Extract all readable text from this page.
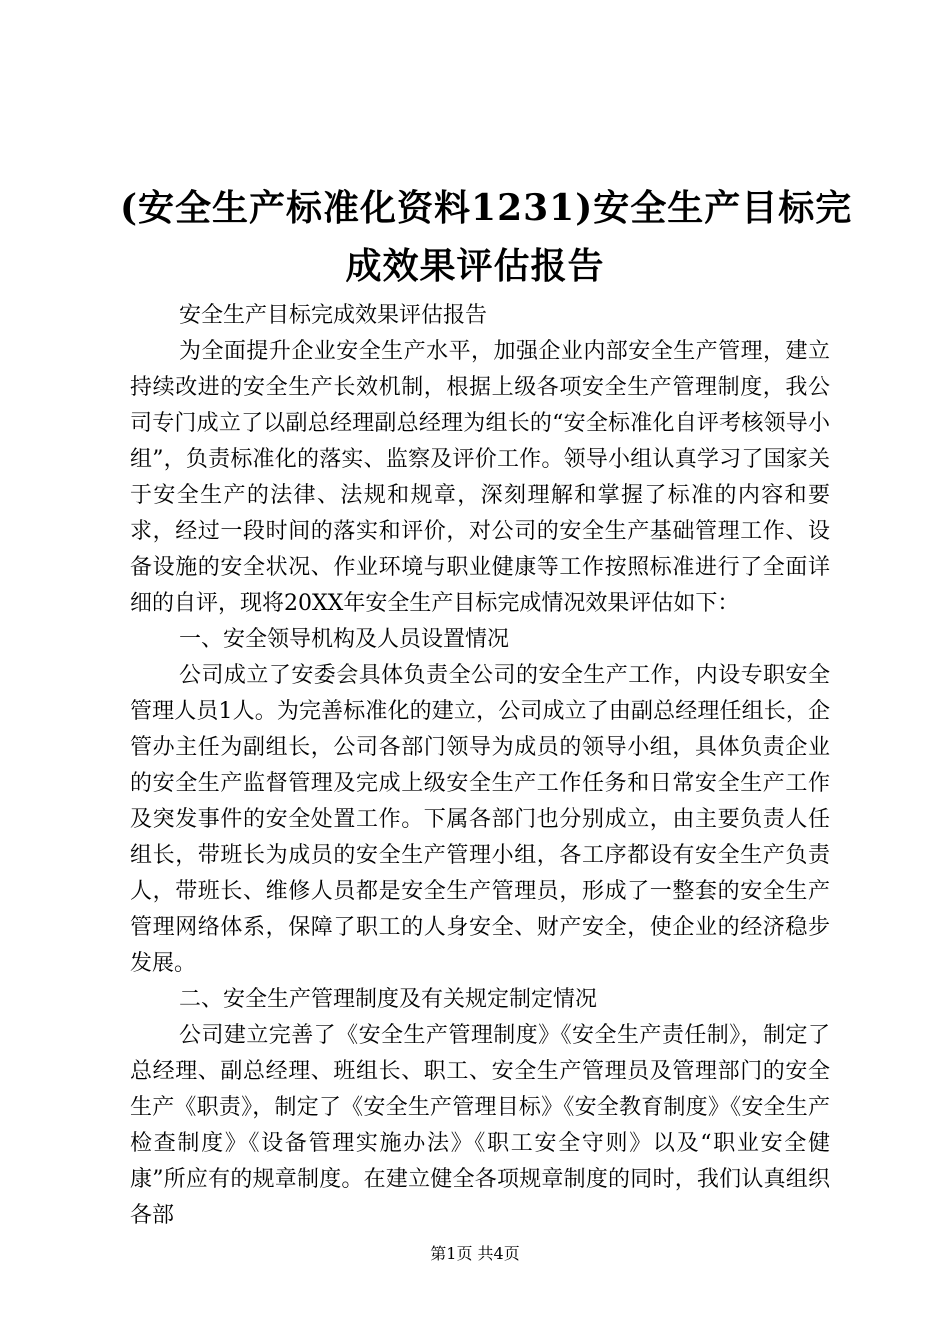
(安全生产标准化资料1231)安全生产目标完
成效果评估报告

安全生产目标完成效果评估报告

为全面提升企业安全生产水平，加强企业内部安全生产管理，建立持续改进的安全生产长效机制，根据上级各项安全生产管理制度，我公司专门成立了以副总经理副总经理为组长的“安全标准化自评考核领导小组”，负责标准化的落实、监察及评价工作。领导小组认真学习了国家关于安全生产的法律、法规和规章，深刻理解和掌握了标准的内容和要求，经过一段时间的落实和评价，对公司的安全生产基础管理工作、设备设施的安全状况、作业环境与职业健康等工作按照标准进行了全面详细的自评，现将20XX年安全生产目标完成情况效果评估如下：

一、安全领导机构及人员设置情况

公司成立了安委会具体负责全公司的安全生产工作，内设专职安全管理人员1人。为完善标准化的建立，公司成立了由副总经理任组长，企管办主任为副组长，公司各部门领导为成员的领导小组，具体负责企业的安全生产监督管理及完成上级安全生产工作任务和日常安全生产工作及突发事件的安全处置工作。下属各部门也分别成立，由主要负责人任组长，带班长为成员的安全生产管理小组，各工序都设有安全生产负责人，带班长、维修人员都是安全生产管理员，形成了一整套的安全生产管理网络体系，保障了职工的人身安全、财产安全，使企业的经济稳步发展。

二、安全生产管理制度及有关规定制定情况

公司建立完善了《安全生产管理制度》《安全生产责任制》，制定了总经理、副总经理、班组长、职工、安全生产管理员及管理部门的安全生产《职责》，制定了《安全生产管理目标》《安全教育制度》《安全生产检查制度》《设备管理实施办法》《职工安全守则》以及“职业安全健康”所应有的规章制度。在建立健全各项规章制度的同时，我们认真组织各部

第1页 共4页
